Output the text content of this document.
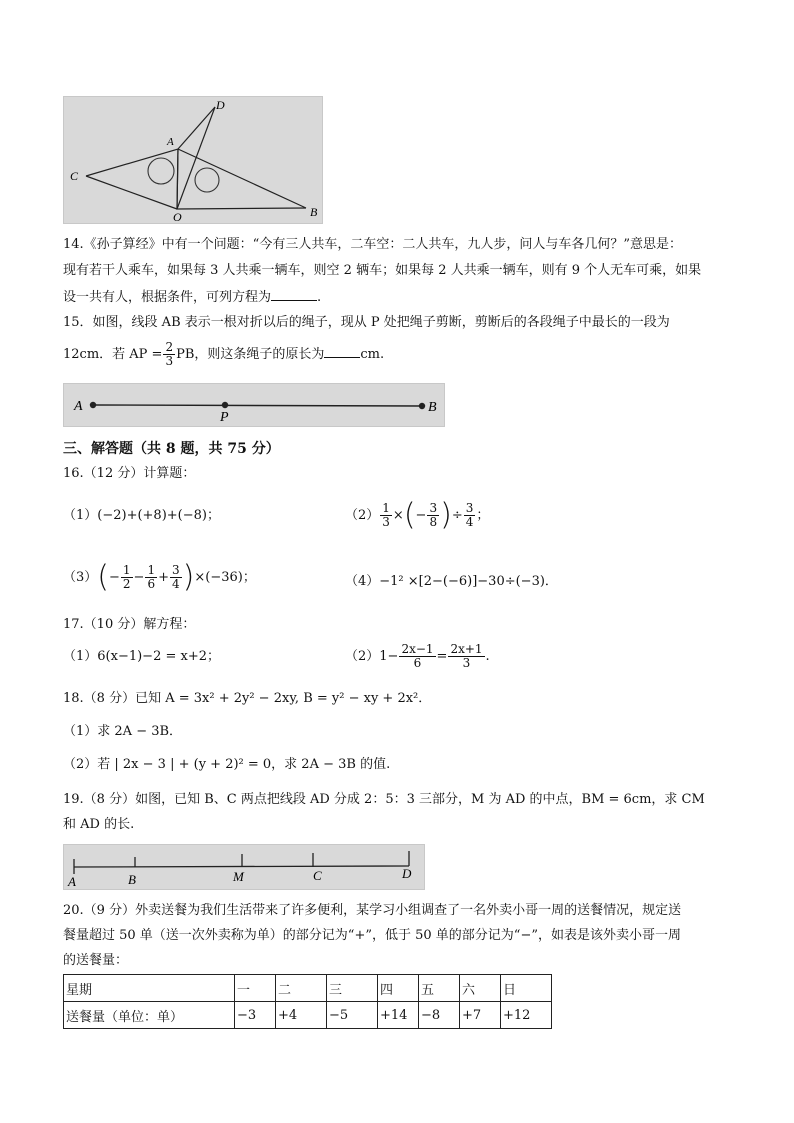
D
A
C
O	B
14.《孙子算经》中有一个问题：“今有三人共车，二车空：二人共车，九人步，问人与车各几何？”意思是：
现有若干人乘车，如果每 3 人共乘一辆车，则空 2 辆车；如果每 2 人共乘一辆车，则有 9 个人无车可乘，如果
设一共有人，根据条件，可列方程为	.
15．如图，线段 AB 表示一根对折以后的绳子，现从 P 处把绳子剪断，剪断后的各段绳子中最长的一段为
12cm．若 AP = $\frac{2}{3}$ PB，则这条绳子的原长为	cm.
A
P
B
三、解答题（共 8 题，共 75 分）
16.（12 分）计算题：
（1）(−2)+(+8)+(−8)；	$(2) \frac{1}{3}$ ×(− $\frac{3}{8}$ )÷ $\frac{3}{4}$ ；
$(3)(- \frac{1}{2} - \frac{1}{6} + \frac{3}{4} )\times(-36)$；	（4）−1² ×[2−(−6)]−30÷(−3)．
17.（10 分）解方程：
（1）6(x−1)−2 = x+2；	$(2)1- \frac{2x-1}{6} = \frac{2x+1}{3}$ .
18.（8 分）已知 A = 3x² + 2y² − 2xy, B = y² − xy + 2x²．
（1）求 2A − 3B．
（2）若 | 2x − 3 | + (y + 2)² = 0，求 2A − 3B 的值.
19.（8 分）如图，已知 B、C 两点把线段 AD 分成 2：5：3 三部分，M 为 AD 的中点，BM = 6cm，求 CM
和 AD 的长.
A	B	M	C	D
20.（9 分）外卖送餐为我们生活带来了许多便利，某学习小组调查了一名外卖小哥一周的送餐情况，规定送
餐量超过 50 单（送一次外卖称为单）的部分记为“+”，低于 50 单的部分记为“−”，如表是该外卖小哥一周
的送餐量：
星期	一	二	三	四	五	六	日
送餐量（单位：单）	−3	+4	−5	+14	−8	+7	+12
